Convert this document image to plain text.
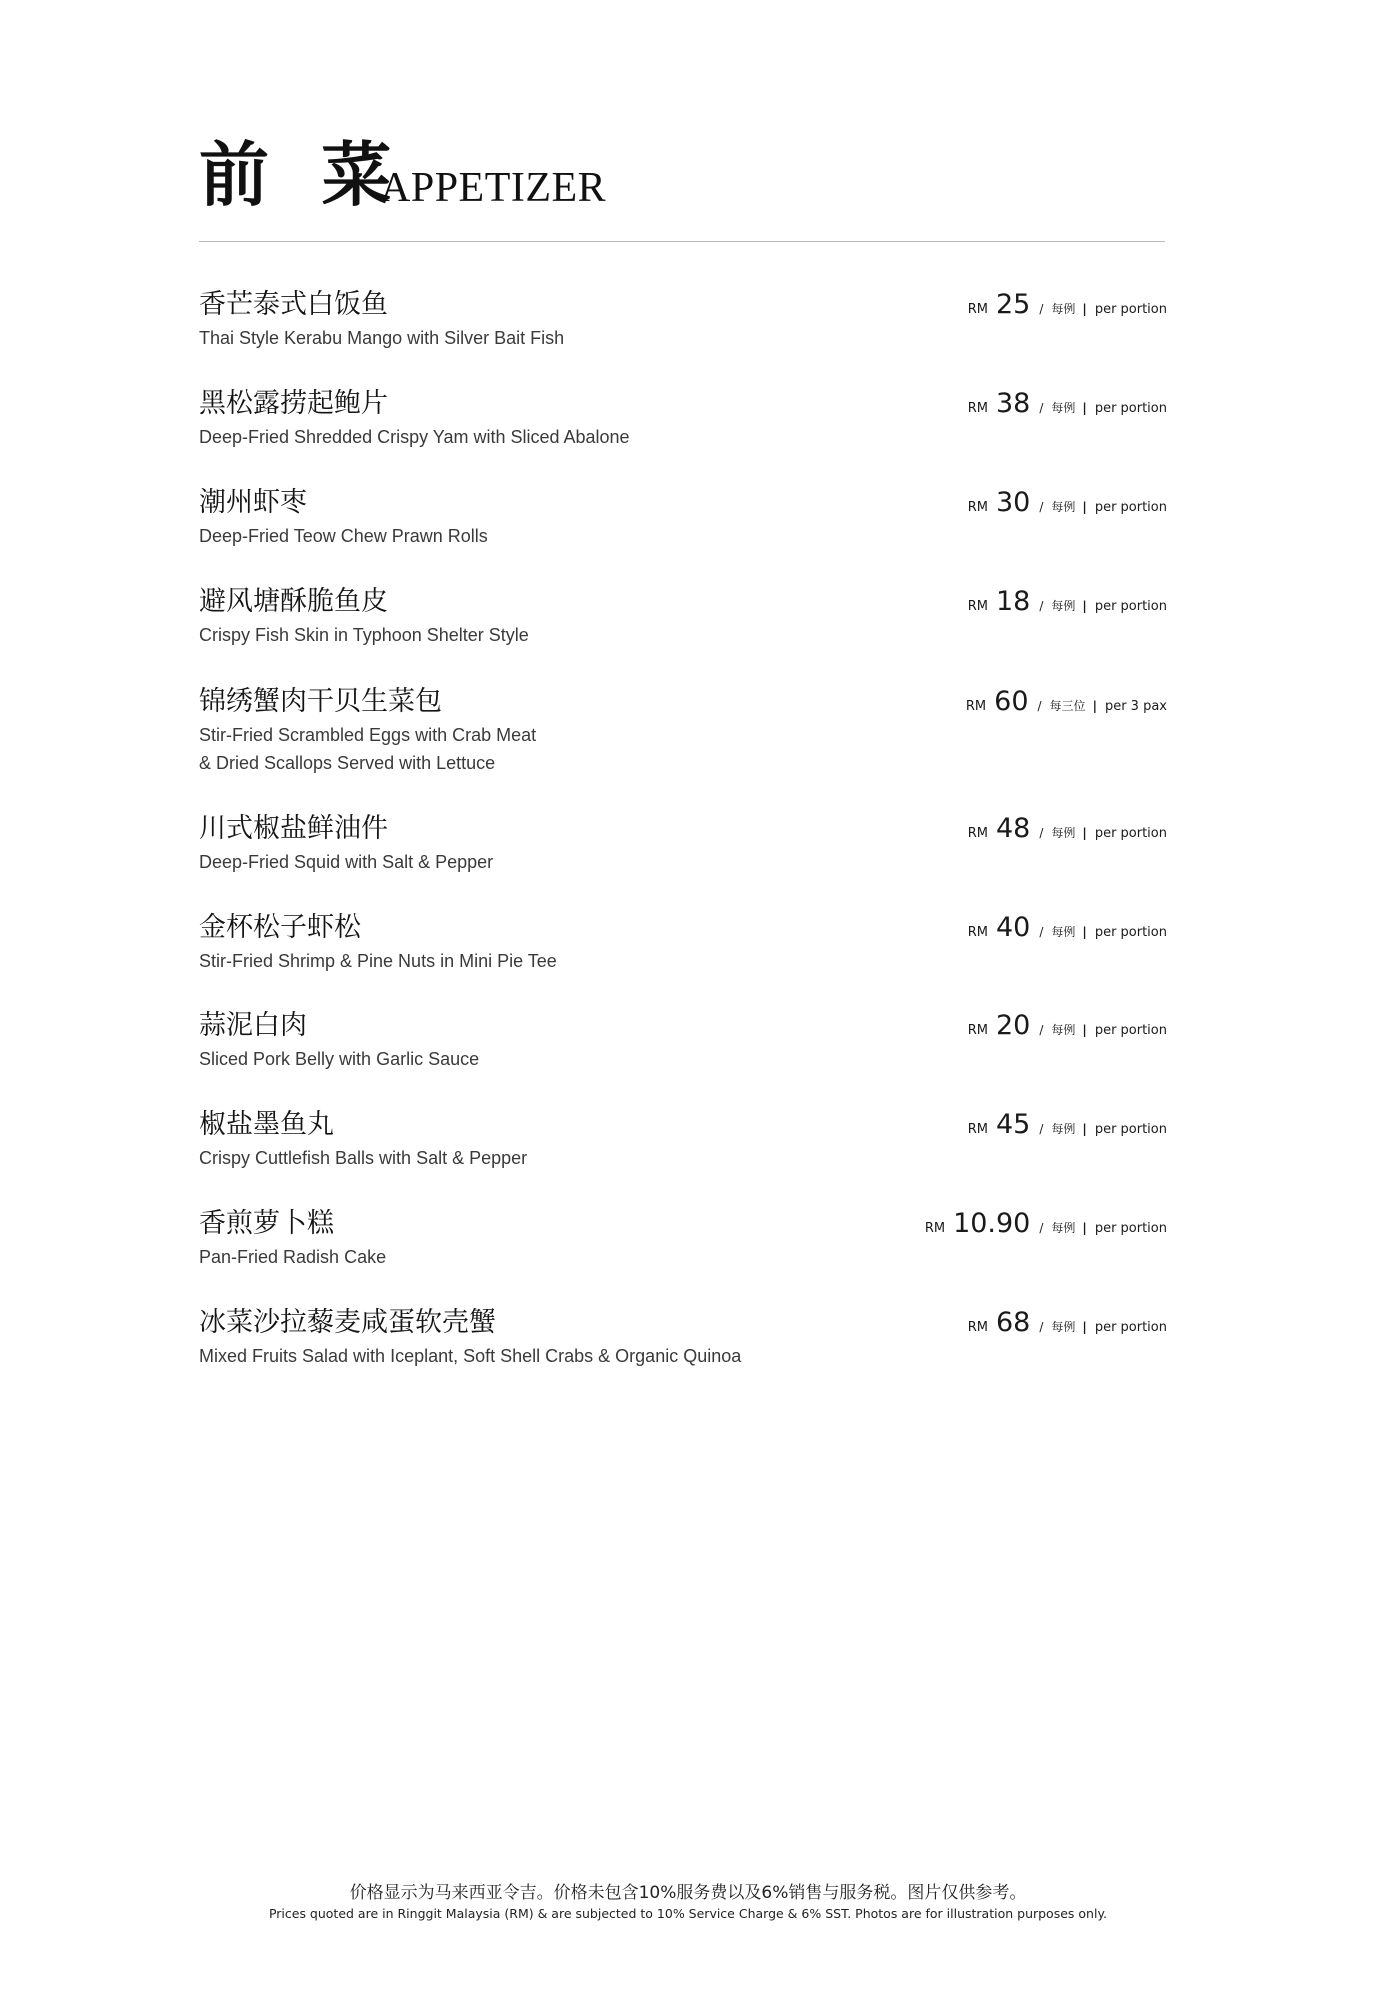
前 菜
APPETIZER
香芒泰式白饭鱼
Thai Style Kerabu Mango with Silver Bait Fish
RM 25 / 每例 | per portion
黑松露捞起鲍片
Deep-Fried Shredded Crispy Yam with Sliced Abalone
RM 38 / 每例 | per portion
潮州虾枣
Deep-Fried Teow Chew Prawn Rolls
RM 30 / 每例 | per portion
避风塘酥脆鱼皮
Crispy Fish Skin in Typhoon Shelter Style
RM 18 / 每例 | per portion
锦绣蟹肉干贝生菜包
Stir-Fried Scrambled Eggs with Crab Meat
& Dried Scallops Served with Lettuce
RM 60 / 每三位 | per 3 pax
川式椒盐鲜油件
Deep-Fried Squid with Salt & Pepper
RM 48 / 每例 | per portion
金杯松子虾松
Stir-Fried Shrimp & Pine Nuts in Mini Pie Tee
RM 40 / 每例 | per portion
蒜泥白肉
Sliced Pork Belly with Garlic Sauce
RM 20 / 每例 | per portion
椒盐墨鱼丸
Crispy Cuttlefish Balls with Salt & Pepper
RM 45 / 每例 | per portion
香煎萝卜糕
Pan-Fried Radish Cake
RM 10.90 / 每例 | per portion
冰菜沙拉藜麦咸蛋软壳蟹
Mixed Fruits Salad with Iceplant, Soft Shell Crabs & Organic Quinoa
RM 68 / 每例 | per portion
价格显示为马来西亚令吉。价格未包含10%服务费以及6%销售与服务税。图片仅供参考。
Prices quoted are in Ringgit Malaysia (RM) & are subjected to 10% Service Charge & 6% SST. Photos are for illustration purposes only.
